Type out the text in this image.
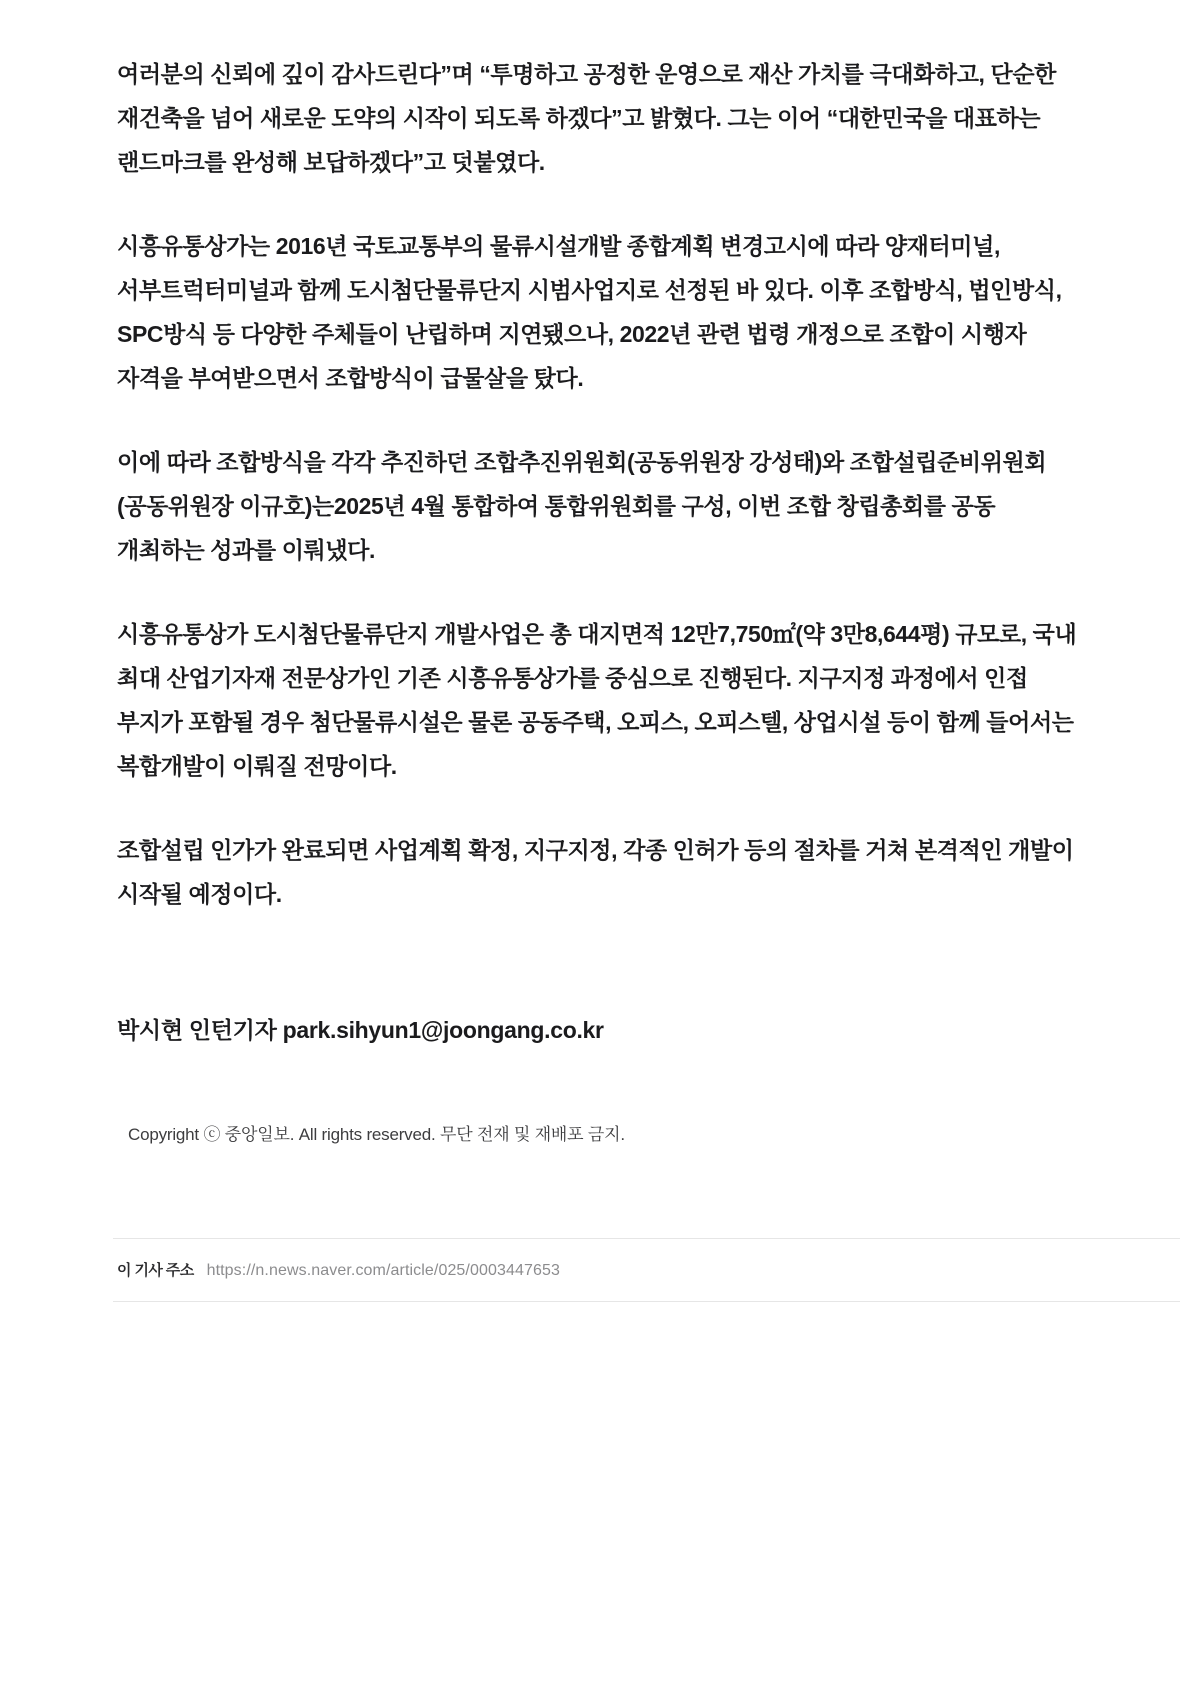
여러분의 신뢰에 깊이 감사드린다”며 “투명하고 공정한 운영으로 재산 가치를 극대화하고, 단순한 재건축을 넘어 새로운 도약의 시작이 되도록 하겠다”고 밝혔다. 그는 이어 “대한민국을 대표하는 랜드마크를 완성해 보답하겠다”고 덧붙였다.

시흥유통상가는 2016년 국토교통부의 물류시설개발 종합계획 변경고시에 따라 양재터미널, 서부트럭터미널과 함께 도시첨단물류단지 시범사업지로 선정된 바 있다. 이후 조합방식, 법인방식, SPC방식 등 다양한 주체들이 난립하며 지연됐으나, 2022년 관련 법령 개정으로 조합이 시행자 자격을 부여받으면서 조합방식이 급물살을 탔다.

이에 따라 조합방식을 각각 추진하던 조합추진위원회(공동위원장 강성태)와 조합설립준비위원회(공동위원장 이규호)는2025년 4월 통합하여 통합위원회를 구성, 이번 조합 창립총회를 공동 개최하는 성과를 이뤄냈다.

시흥유통상가 도시첨단물류단지 개발사업은 총 대지면적 12만7,750㎡(약 3만8,644평) 규모로, 국내 최대 산업기자재 전문상가인 기존 시흥유통상가를 중심으로 진행된다. 지구지정 과정에서 인접 부지가 포함될 경우 첨단물류시설은 물론 공동주택, 오피스, 오피스텔, 상업시설 등이 함께 들어서는 복합개발이 이뤄질 전망이다.

조합설립 인가가 완료되면 사업계획 확정, 지구지정, 각종 인허가 등의 절차를 거쳐 본격적인 개발이 시작될 예정이다.

박시현 인턴기자 park.sihyun1@joongang.co.kr

Copyright ⓒ 중앙일보. All rights reserved. 무단 전재 및 재배포 금지.

이 기사 주소 https://n.news.naver.com/article/025/0003447653
